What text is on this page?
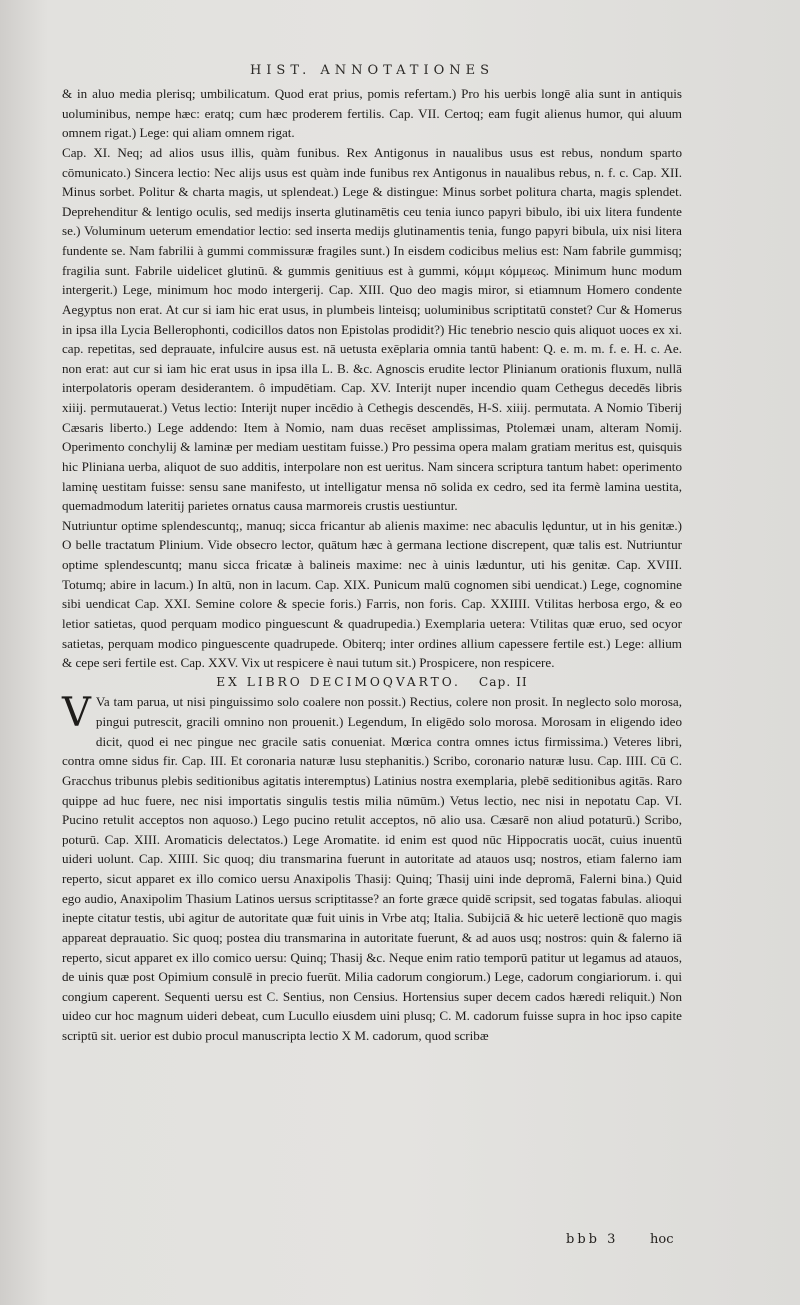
HIST. ANNOTATIONES

& in aluo media plerisq; umbilicatum. Quod erat prius, pomis refertam.) Pro his uerbis longē alia sunt in antiquis uoluminibus, nempe hæc: eratq; cum hæc proderem fertilis. Cap. VII. Certoq; eam fugit alienus humor, qui aluum omnem rigat.) Lege: qui aliam omnem rigat.

Cap. XI. Neq; ad alios usus illis, quàm funibus. Rex Antigonus in naualibus usus est rebus, nondum sparto cōmunicato.) Sincera lectio: Nec alijs usus est quàm inde funibus rex Antigonus in naualibus rebus, n. f. c. Cap. XII. Minus sorbet. Politur & charta magis, ut splendeat.) Lege & distingue: Minus sorbet politura charta, magis splendet. Deprehenditur & lentigo oculis, sed medijs inserta glutinamētis ceu tenia iunco papyri bibulo, ibi uix litera fundente se.) Voluminum ueterum emendatior lectio: sed inserta medijs glutinamentis tenia, fungo papyri bibula, uix nisi litera fundente se. Nam fabrilii à gummi commissuræ fragiles sunt.) In eisdem codicibus melius est: Nam fabrile gummisq; fragilia sunt. Fabrile uidelicet glutinū. & gummis genitiuus est à gummi, κόμμι κόμμεως. Minimum hunc modum intergerit.) Lege, minimum hoc modo intergerij. Cap. XIII. Quo deo magis miror, si etiamnum Homero condente Aegyptus non erat. At cur si iam hic erat usus, in plumbeis linteisq; uoluminibus scriptitatū constet? Cur & Homerus in ipsa illa Lycia Bellerophonti, codicillos datos non Epistolas prodidit?) Hic tenebrio nescio quis aliquot uoces ex xi. cap. repetitas, sed deprauate, infulcire ausus est. nā uetusta exēplaria omnia tantū habent: Q. e. m. m. f. e. H. c. Ae. non erat: aut cur si iam hic erat usus in ipsa illa L. B. &c. Agnoscis erudite lector Plinianum orationis fluxum, nullā interpolatoris operam desiderantem. ô impudētiam. Cap. XV. Interijt nuper incendio quam Cethegus decedēs libris xiiij. permutauerat.) Vetus lectio: Interijt nuper incēdio à Cethegis descendēs, H-S. xiiij. permutata. A Nomio Tiberij Cæsaris liberto.) Lege addendo: Item à Nomio, nam duas recēset amplissimas, Ptolemæi unam, alteram Nomij. Operimento conchylij & laminæ per mediam uestitam fuisse.) Pro pessima opera malam gratiam meritus est, quisquis hic Pliniana uerba, aliquot de suo additis, interpolare non est ueritus. Nam sincera scriptura tantum habet: operimento laminę uestitam fuisse: sensu sane manifesto, ut intelligatur mensa nō solida ex cedro, sed ita fermè lamina uestita, quemadmodum lateritij parietes ornatus causa marmoreis crustis uestiuntur.

Nutriuntur optime splendescuntq;, manuq; sicca fricantur ab alienis maxime: nec abaculis lęduntur, ut in his genitæ.) O belle tractatum Plinium. Vide obsecro lector, quātum hæc à germana lectione discrepent, quæ talis est. Nutriuntur optime splendescuntq; manu sicca fricatæ à balineis maxime: nec à uinis læduntur, uti his genitæ. Cap. XVIII. Totumq; abire in lacum.) In altū, non in lacum. Cap. XIX. Punicum malū cognomen sibi uendicat.) Lege, cognomine sibi uendicat Cap. XXI. Semine colore & specie foris.) Farris, non foris. Cap. XXIIII. Vtilitas herbosa ergo, & eo letior satietas, quod perquam modico pinguescunt & quadrupedia.) Exemplaria uetera: Vtilitas quæ eruo, sed ocyor satietas, perquam modico pinguescente quadrupede. Obiterq; inter ordines allium capessere fertile est.) Lege: allium & cepe seri fertile est. Cap. XXV. Vix ut respicere è naui tutum sit.) Prospicere, non respicere.

EX LIBRO DECIMOQVARTO. Cap. II

V Va tam parua, ut nisi pinguissimo solo coalere non possit.) Rectius, colere non prosit. In neglecto solo morosa, pingui putrescit, gracili omnino non prouenit.) Legendum, In eligēdo solo morosa. Morosam in eligendo ideo dicit, quod ei nec pingue nec gracile satis conueniat. Mœrica contra omnes ictus firmissima.) Veteres libri, contra omne sidus fir. Cap. III. Et coronaria naturæ lusu stephanitis.) Scribo, coronario naturæ lusu. Cap. IIII. Cū C. Gracchus tribunus plebis seditionibus agitatis interemptus) Latinius nostra exemplaria, plebē seditionibus agitās. Raro quippe ad huc fuere, nec nisi importatis singulis testis milia nūmūm.) Vetus lectio, nec nisi in nepotatu Cap. VI. Pucino retulit acceptos non aquoso.) Lego pucino retulit acceptos, nō alio usa. Cæsarē non aliud potaturū.) Scribo, poturū. Cap. XIII. Aromaticis delectatos.) Lege Aromatite. id enim est quod nūc Hippocratis uocāt, cuius inuentū uideri uolunt. Cap. XIIII. Sic quoq; diu transmarina fuerunt in autoritate ad atauos usq; nostros, etiam falerno iam reperto, sicut apparet ex illo comico uersu Anaxipolis Thasij: Quinq; Thasij uini inde depromā, Falerni bina.) Quid ego audio, Anaxipolim Thasium Latinos uersus scriptitasse? an forte græce quidē scripsit, sed togatas fabulas. alioqui inepte citatur testis, ubi agitur de autoritate quæ fuit uinis in Vrbe atq; Italia. Subijciā & hic ueterē lectionē quo magis appareat deprauatio. Sic quoq; postea diu transmarina in autoritate fuerunt, & ad auos usq; nostros: quin & falerno iā reperto, sicut apparet ex illo comico uersu: Quinq; Thasij &c. Neque enim ratio temporū patitur ut legamus ad atauos, de uinis quæ post Opimium consulē in precio fuerūt. Milia cadorum congiorum.) Lege, cadorum congiariorum. i. qui congium caperent. Sequenti uersu est C. Sentius, non Censius. Hortensius super decem cados hæredi reliquit.) Non uideo cur hoc magnum uideri debeat, cum Lucullo eiusdem uini plusq; C. M. cadorum fuisse supra in hoc ipso capite scriptū sit. uerior est dubio procul manuscripta lectio X M. cadorum, quod scribæ

bbb 3 hoc
